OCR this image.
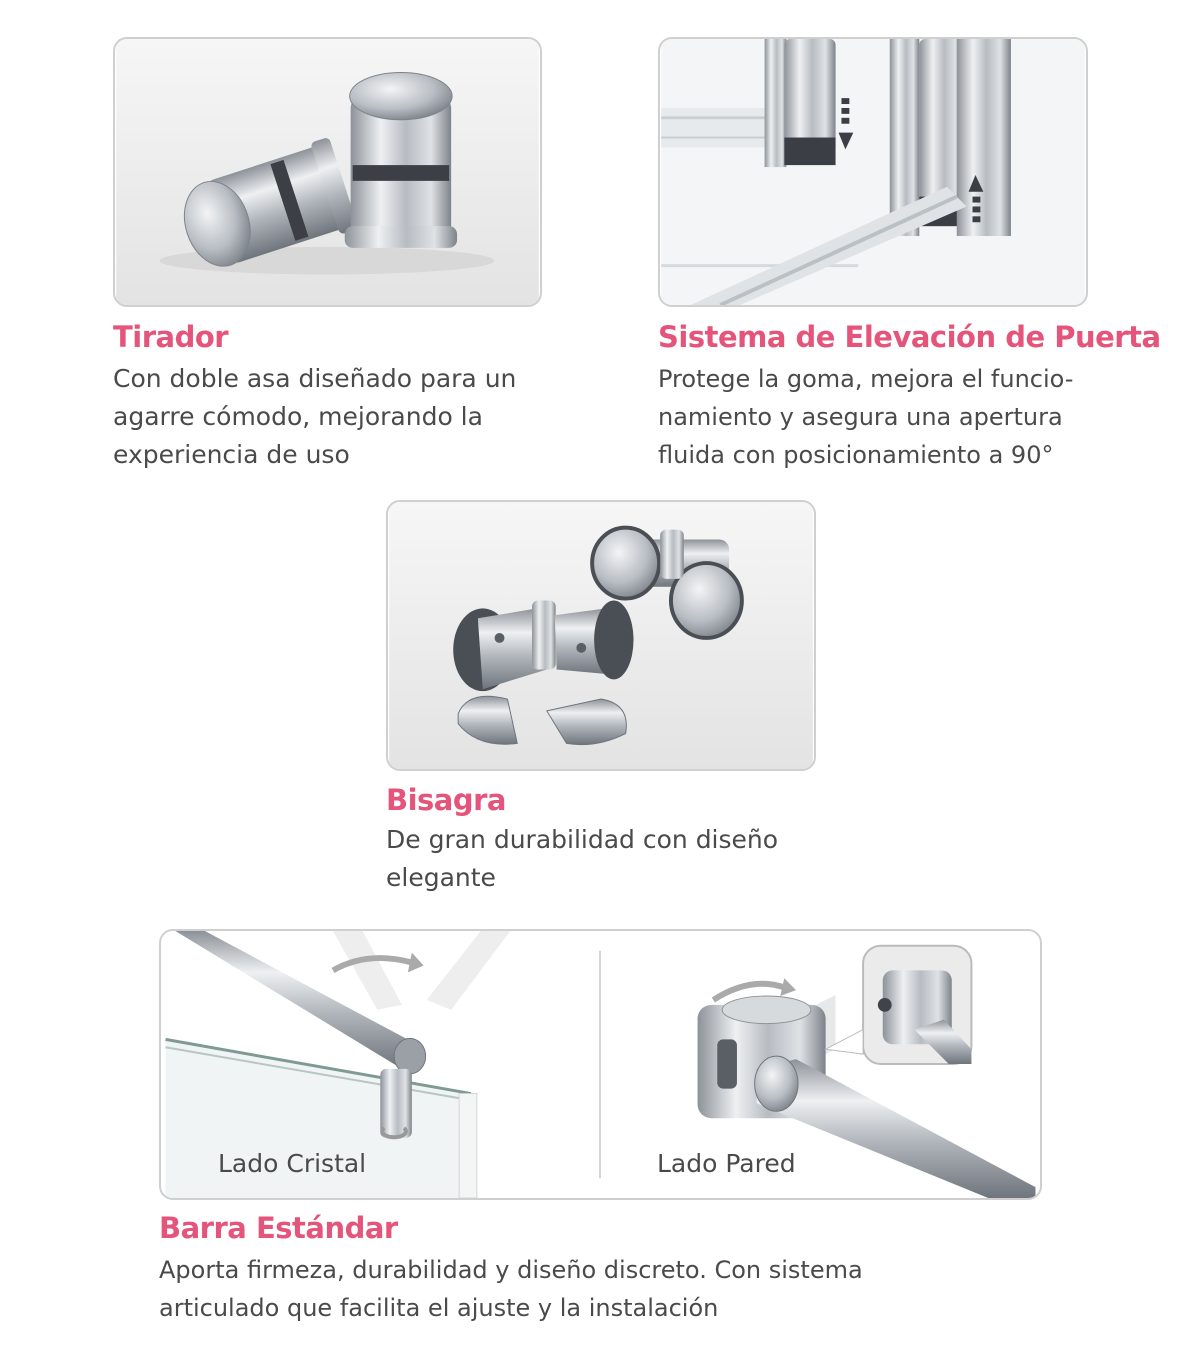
Tirador
Con doble asa diseñado para un
agarre cómodo, mejorando la
experiencia de uso
Sistema de Elevación de Puerta
Protege la goma, mejora el funcio-
namiento y asegura una apertura
fluida con posicionamiento a 90°
Bisagra
De gran durabilidad con diseño
elegante
Lado Cristal	Lado Pared
Barra Estándar
Aporta firmeza, durabilidad y diseño discreto. Con sistema
articulado que facilita el ajuste y la instalación
